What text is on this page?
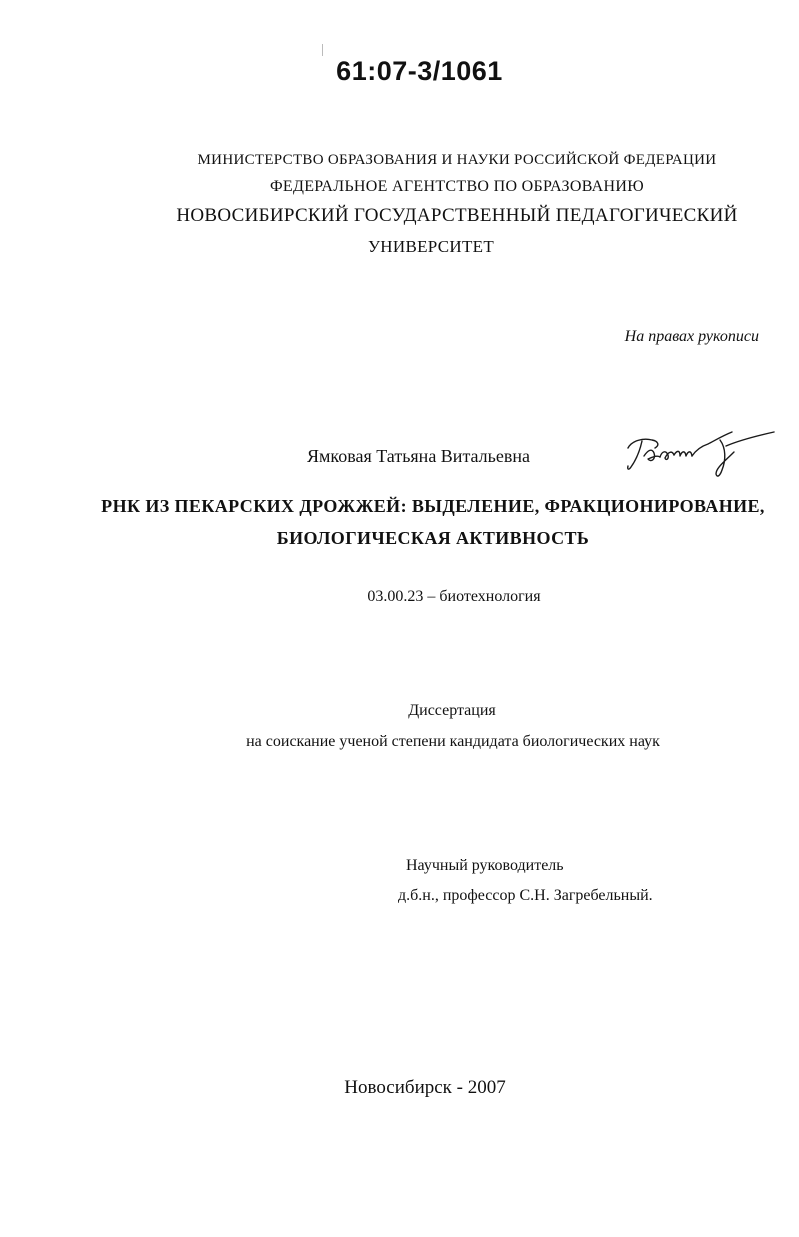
61:07-3/1061
МИНИСТЕРСТВО ОБРАЗОВАНИЯ И НАУКИ РОССИЙСКОЙ ФЕДЕРАЦИИ
ФЕДЕРАЛЬНОЕ АГЕНТСТВО ПО ОБРАЗОВАНИЮ
НОВОСИБИРСКИЙ ГОСУДАРСТВЕННЫЙ ПЕДАГОГИЧЕСКИЙ
УНИВЕРСИТЕТ
На правах рукописи
Ямковая Татьяна Витальевна
РНК ИЗ ПЕКАРСКИХ ДРОЖЖЕЙ: ВЫДЕЛЕНИЕ, ФРАКЦИОНИРОВАНИЕ,
БИОЛОГИЧЕСКАЯ АКТИВНОСТЬ
03.00.23 – биотехнология
Диссертация
на соискание ученой степени кандидата биологических наук
Научный руководитель
д.б.н., профессор С.Н. Загребельный.
Новосибирск - 2007
